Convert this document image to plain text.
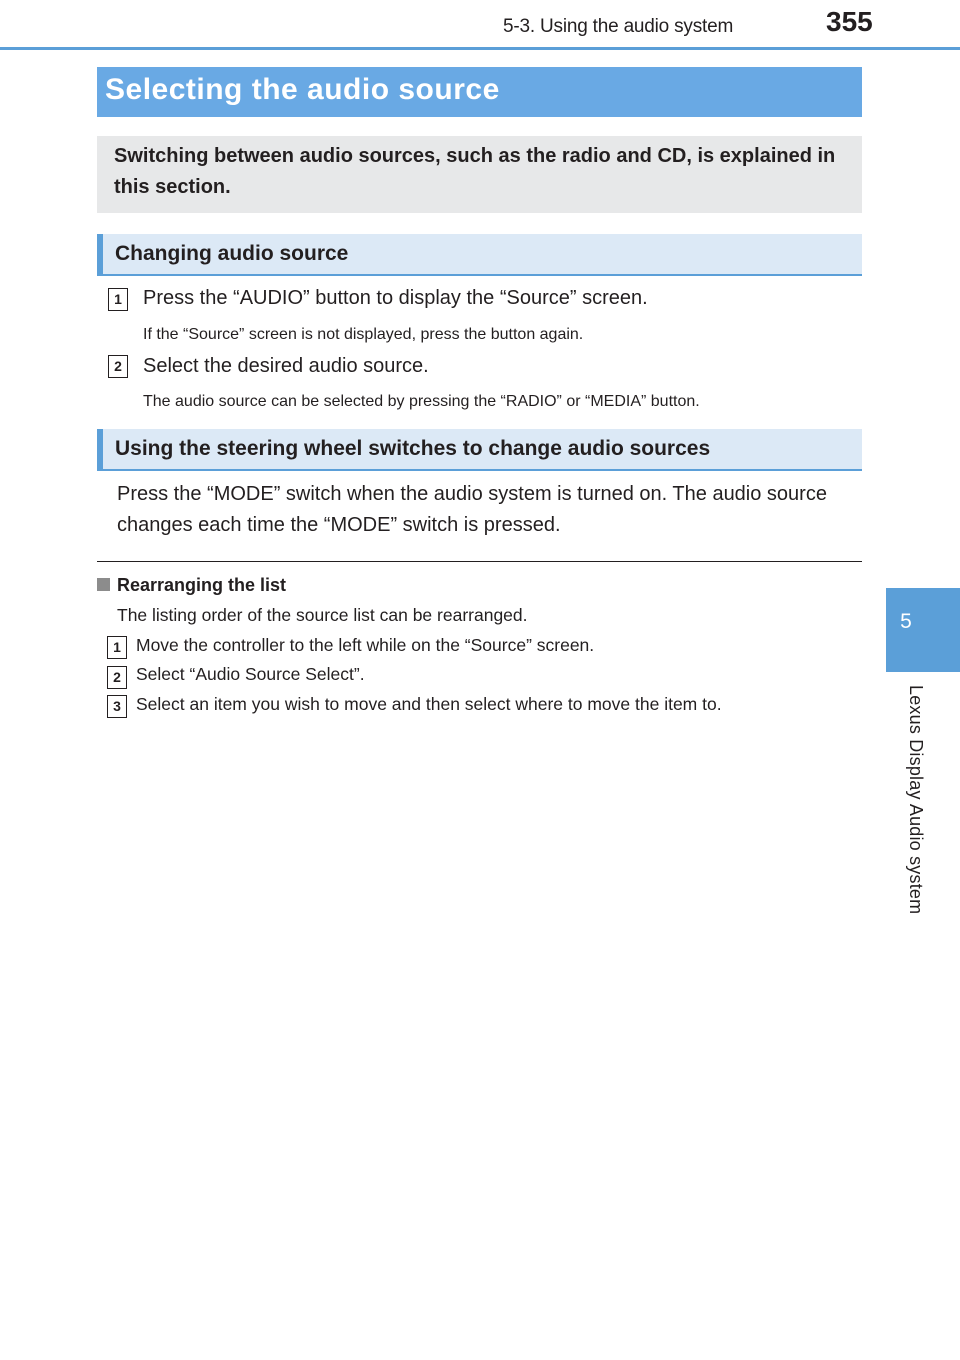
5-3. Using the audio system	355
5
Lexus Display Audio system
Selecting the audio source
Switching between audio sources, such as the radio and CD, is explained in this section.
Changing audio source
1	Press the “AUDIO” button to display the “Source” screen.
If the “Source” screen is not displayed, press the button again.
2	Select the desired audio source.
The audio source can be selected by pressing the “RADIO” or “MEDIA” button.
Using the steering wheel switches to change audio sources
Press the “MODE” switch when the audio system is turned on. The audio source
changes each time the “MODE” switch is pressed.
Rearranging the list
The listing order of the source list can be rearranged.
1 Move the controller to the left while on the “Source” screen.
2 Select “Audio Source Select”.
3 Select an item you wish to move and then select where to move the item to.
